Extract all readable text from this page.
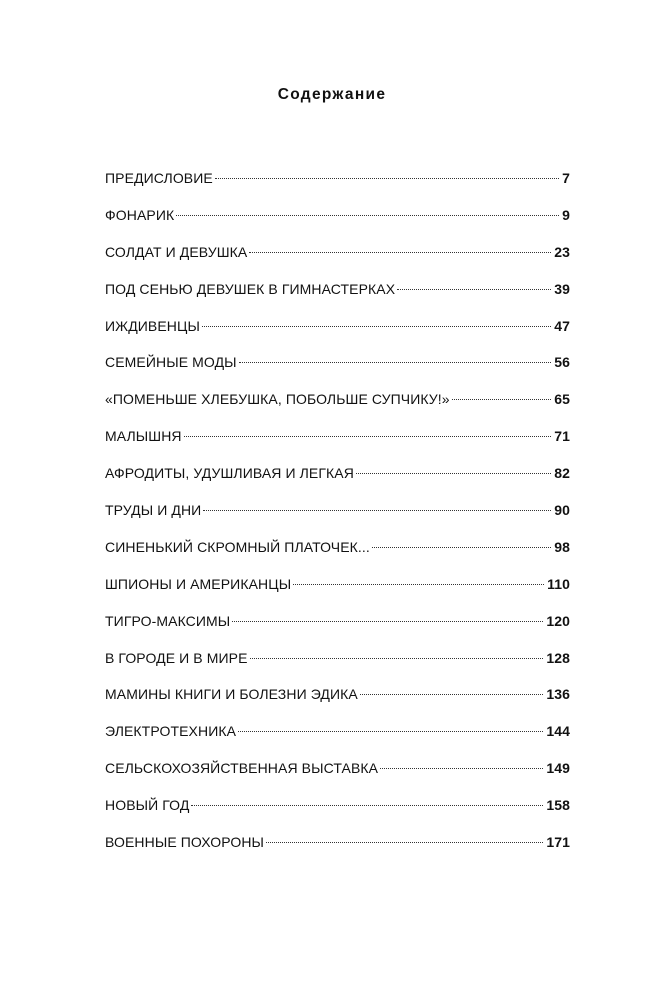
Содержание
ПРЕДИСЛОВИЕ	7
ФОНАРИК	9
СОЛДАТ И ДЕВУШКА	23
ПОД СЕНЬЮ ДЕВУШЕК В ГИМНАСТЕРКАХ	39
ИЖДИВЕНЦЫ	47
СЕМЕЙНЫЕ МОДЫ	56
«ПОМЕНЬШЕ ХЛЕБУШКА, ПОБОЛЬШЕ СУПЧИКУ!»	65
МАЛЫШНЯ	71
АФРОДИТЫ, УДУШЛИВАЯ И ЛЕГКАЯ	82
ТРУДЫ И ДНИ	90
СИНЕНЬКИЙ СКРОМНЫЙ ПЛАТОЧЕК...	98
ШПИОНЫ И АМЕРИКАНЦЫ	110
ТИГРО-МАКСИМЫ	120
В ГОРОДЕ И В МИРЕ	128
МАМИНЫ КНИГИ И БОЛЕЗНИ ЭДИКА	136
ЭЛЕКТРОТЕХНИКА	144
СЕЛЬСКОХОЗЯЙСТВЕННАЯ ВЫСТАВКА	149
НОВЫЙ ГОД	158
ВОЕННЫЕ ПОХОРОНЫ	171
